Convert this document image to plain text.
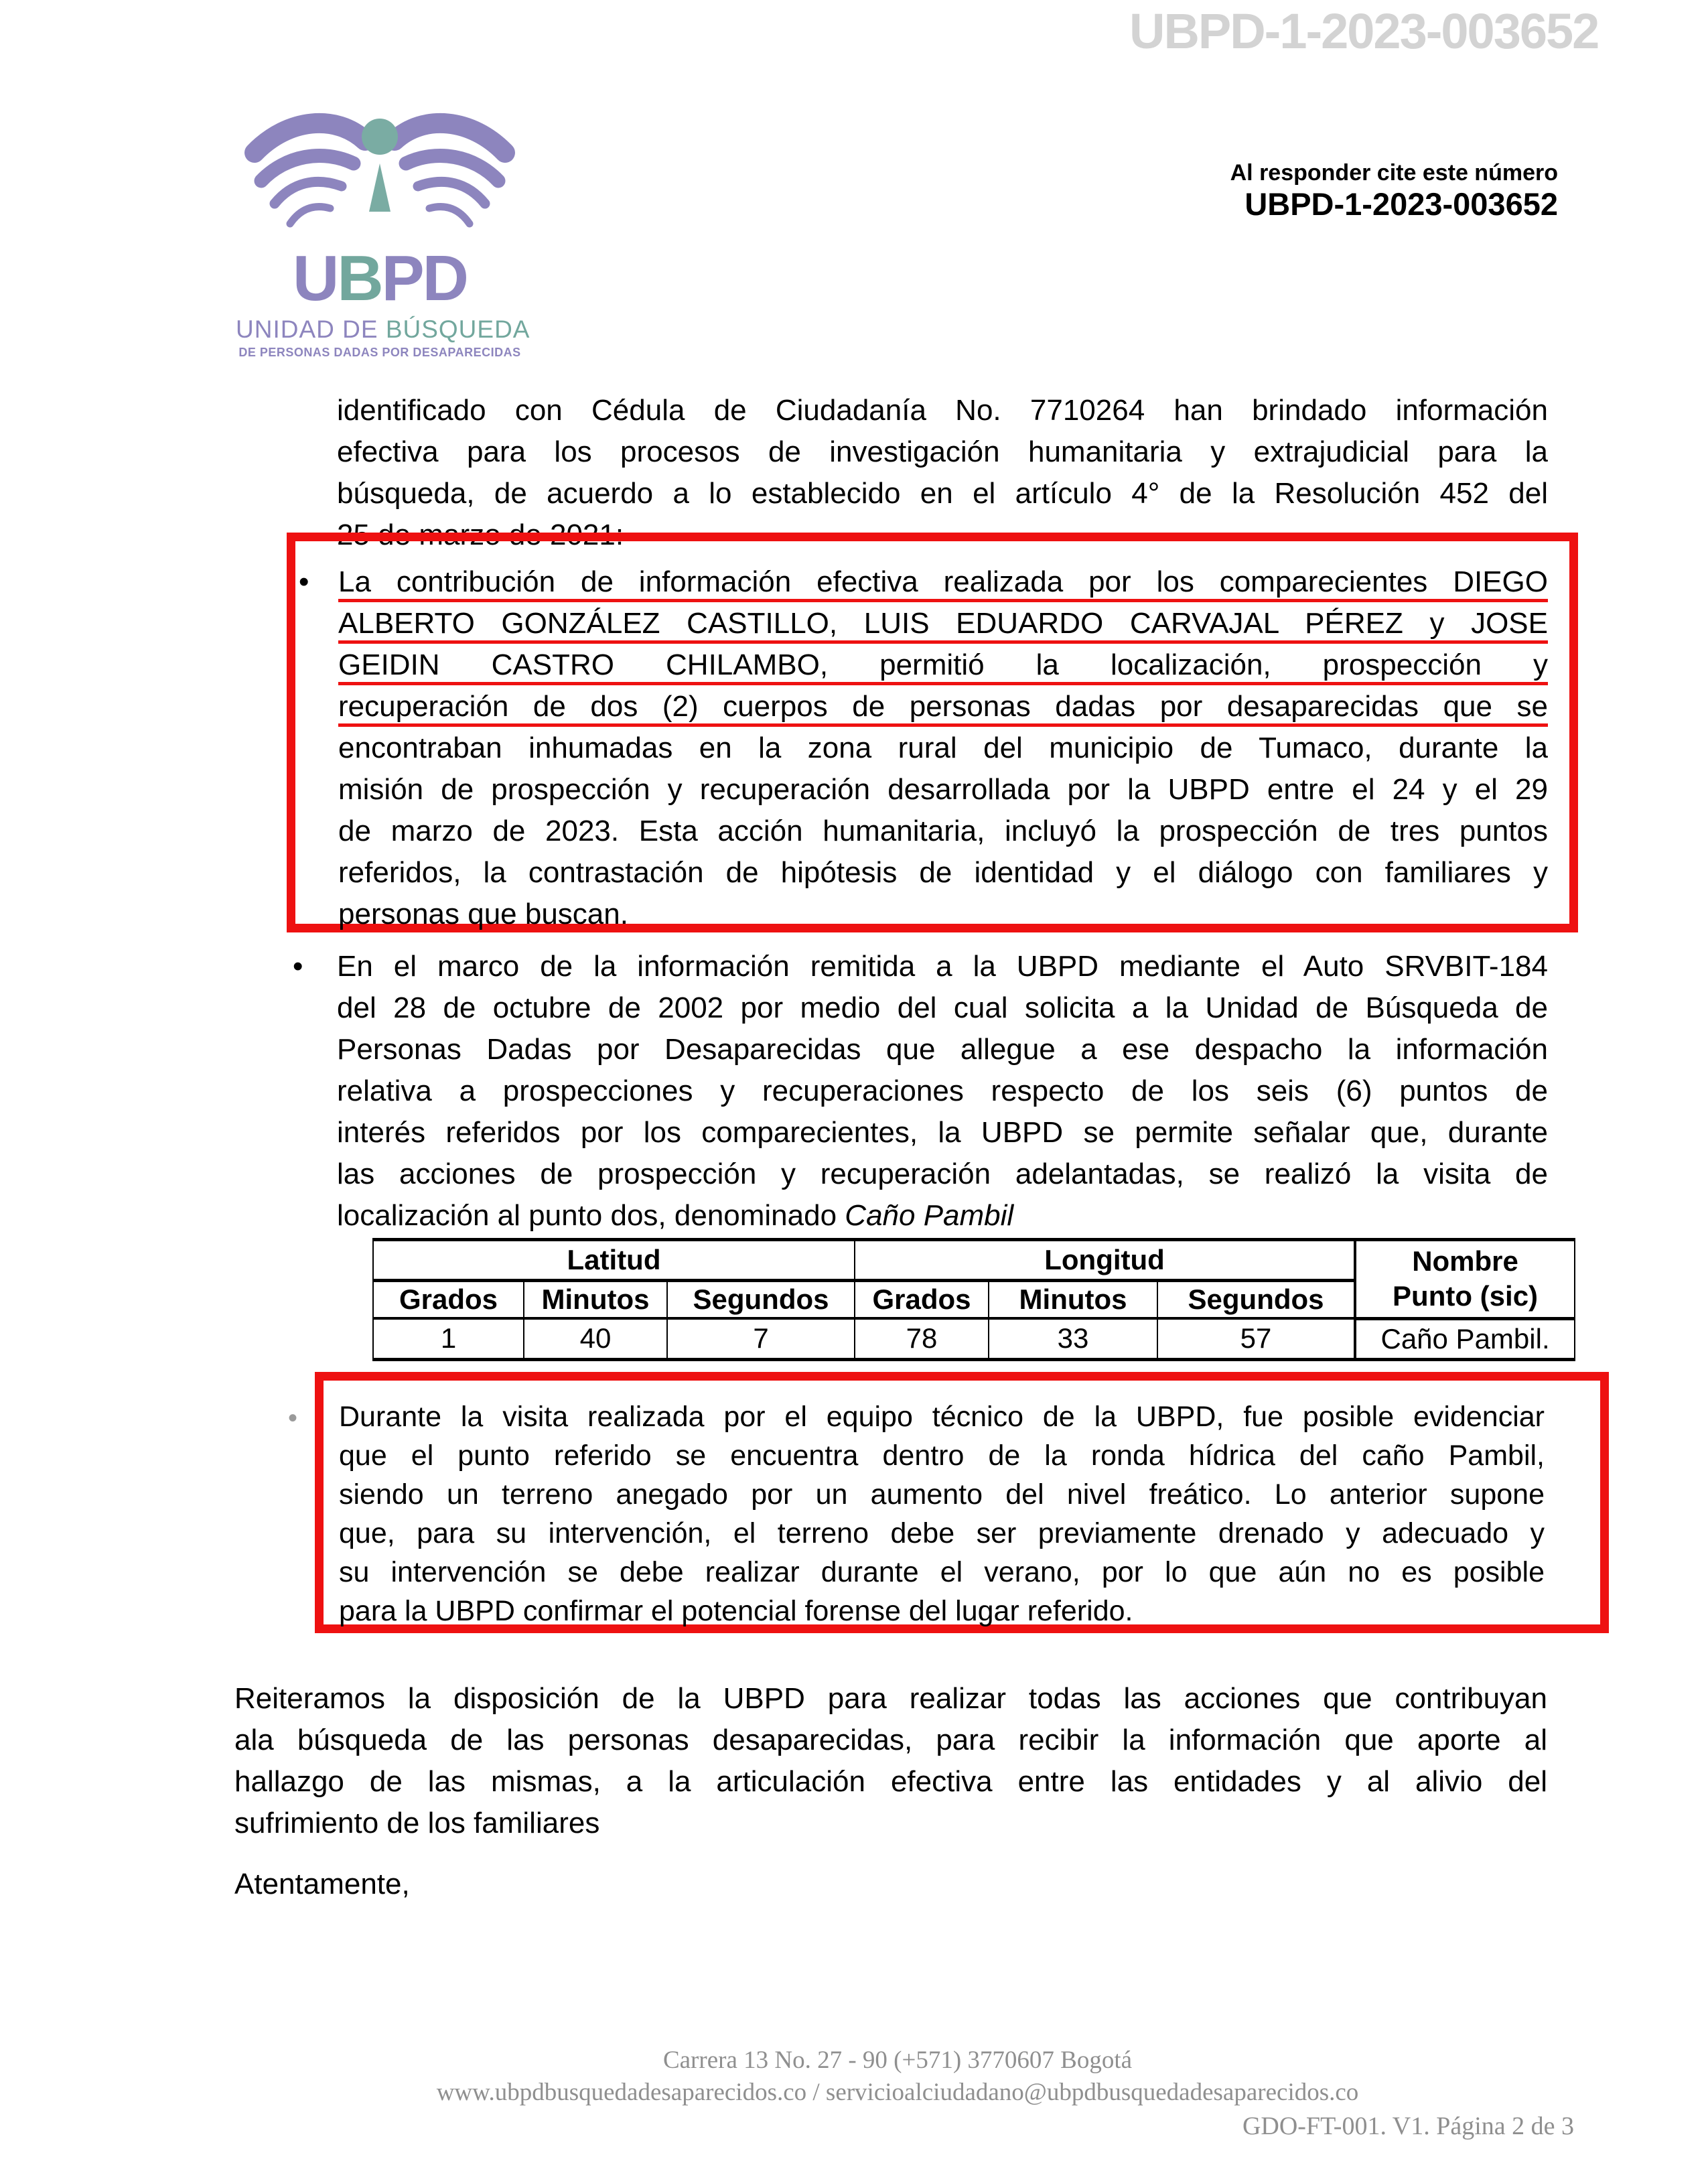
UBPD-1-2023-003652
UBPD
UNIDAD DE BÚSQUEDA
DE PERSONAS DADAS POR DESAPARECIDAS
Al responder cite este número
UBPD-1-2023-003652
identificado con Cédula de Ciudadanía No. 7710264 han brindado información
efectiva para los procesos de investigación humanitaria y extrajudicial para la
búsqueda, de acuerdo a lo establecido en el artículo 4° de la Resolución 452 del
25 de marzo de 2021:
• La contribución de información efectiva realizada por los comparecientes DIEGO
ALBERTO GONZÁLEZ CASTILLO, LUIS EDUARDO CARVAJAL PÉREZ y JOSE
GEIDIN CASTRO CHILAMBO, permitió la localización, prospección y
recuperación de dos (2) cuerpos de personas dadas por desaparecidas que se
encontraban inhumadas en la zona rural del municipio de Tumaco, durante la
misión de prospección y recuperación desarrollada por la UBPD entre el 24 y el 29
de marzo de 2023. Esta acción humanitaria, incluyó la prospección de tres puntos
referidos, la contrastación de hipótesis de identidad y el diálogo con familiares y
personas que buscan.
• En el marco de la información remitida a la UBPD mediante el Auto SRVBIT-184
del 28 de octubre de 2002 por medio del cual solicita a la Unidad de Búsqueda de
Personas Dadas por Desaparecidas que allegue a ese despacho la información
relativa a prospecciones y recuperaciones respecto de los seis (6) puntos de
interés referidos por los comparecientes, la UBPD se permite señalar que, durante
las acciones de prospección y recuperación adelantadas, se realizó la visita de
localización al punto dos, denominado Caño Pambil
Latitud			Longitud			Nombre
Punto (sic)

Grados	Minutos	Segundos	Grados	Minutos	Segundos	
1	40	7	78	33	57	Caño Pambil.
• Durante la visita realizada por el equipo técnico de la UBPD, fue posible evidenciar
que el punto referido se encuentra dentro de la ronda hídrica del caño Pambil,
siendo un terreno anegado por un aumento del nivel freático. Lo anterior supone
que, para su intervención, el terreno debe ser previamente drenado y adecuado y
su intervención se debe realizar durante el verano, por lo que aún no es posible
para la UBPD confirmar el potencial forense del lugar referido.
Reiteramos la disposición de la UBPD para realizar todas las acciones que contribuyan
ala búsqueda de las personas desaparecidas, para recibir la información que aporte al
hallazgo de las mismas, a la articulación efectiva entre las entidades y al alivio del
sufrimiento de los familiares
Atentamente,
Carrera 13 No. 27 - 90 (+571) 3770607 Bogotá
www.ubpdbusquedadesaparecidos.co / servicioalciudadano@ubpdbusquedadesaparecidos.co
GDO-FT-001. V1. Página 2 de 3
